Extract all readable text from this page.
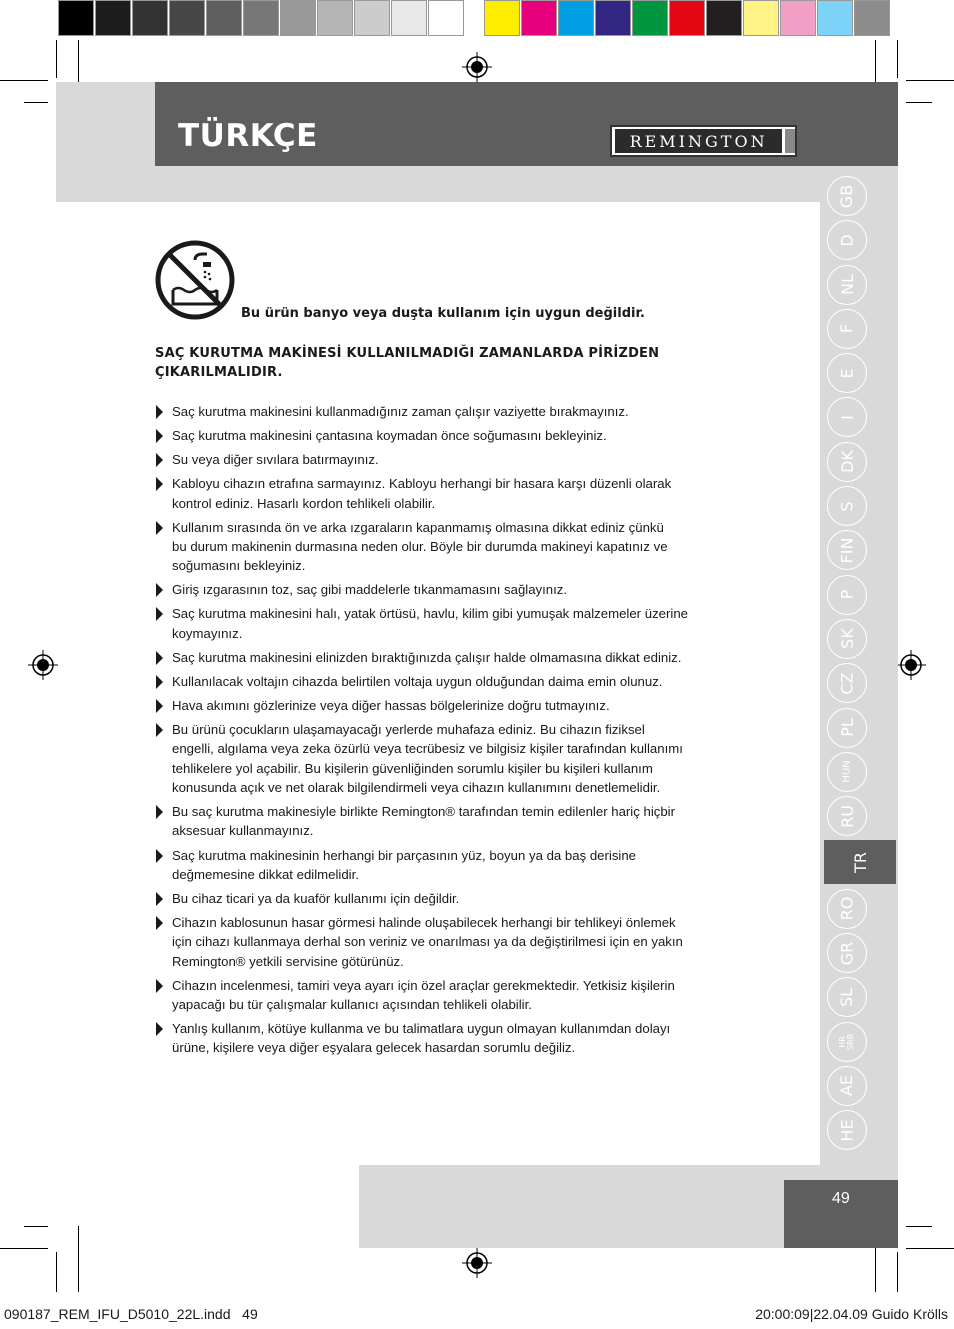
TÜRKÇE	REMINGTON
GB
D
NL
F
E
I
DK
S
FIN
P
SK
CZ
PL
HUN
RU
TR
RO
GR
SL
HR SRB
AE
HE
Bu ürün banyo veya duşta kullanım için uygun değildir.
SAÇ KURUTMA MAKİNESİ KULLANILMADIĞI ZAMANLARDA PİRİZDEN
ÇIKARILMALIDIR.
Saç kurutma makinesini kullanmadığınız zaman çalışır vaziyette bırakmayınız.
Saç kurutma makinesini çantasına koymadan önce soğumasını bekleyiniz.
Su veya diğer sıvılara batırmayınız.
Kabloyu cihazın etrafına sarmayınız. Kabloyu herhangi bir hasara karşı düzenli olarak
kontrol ediniz. Hasarlı kordon tehlikeli olabilir.
Kullanım sırasında ön ve arka ızgaraların kapanmamış olmasına dikkat ediniz çünkü
bu durum makinenin durmasına neden olur. Böyle bir durumda makineyi kapatınız ve
soğumasını bekleyiniz.
Giriş ızgarasının toz, saç gibi maddelerle tıkanmamasını sağlayınız.
Saç kurutma makinesini halı, yatak örtüsü, havlu, kilim gibi yumuşak malzemeler üzerine
koymayınız.
Saç kurutma makinesini elinizden bıraktığınızda çalışır halde olmamasına dikkat ediniz.
Kullanılacak voltajın cihazda belirtilen voltaja uygun olduğundan daima emin olunuz.
Hava akımını gözlerinize veya diğer hassas bölgelerinize doğru tutmayınız.
Bu ürünü çocukların ulaşamayacağı yerlerde muhafaza ediniz. Bu cihazın fiziksel
engelli, algılama veya zeka özürlü veya tecrübesiz ve bilgisiz kişiler tarafından kullanımı
tehlikelere yol açabilir. Bu kişilerin güvenliğinden sorumlu kişiler bu kişileri kullanım
konusunda açık ve net olarak bilgilendirmeli veya cihazın kullanımını denetlemelidir.
Bu saç kurutma makinesiyle birlikte Remington® tarafından temin edilenler hariç hiçbir
aksesuar kullanmayınız.
Saç kurutma makinesinin herhangi bir parçasının yüz, boyun ya da baş derisine
değmemesine dikkat edilmelidir.
Bu cihaz ticari ya da kuaför kullanımı için değildir.
Cihazın kablosunun hasar görmesi halinde oluşabilecek herhangi bir tehlikeyi önlemek
için cihazı kullanmaya derhal son veriniz ve onarılması ya da değiştirilmesi için en yakın
Remington® yetkili servisine götürünüz.
Cihazın incelenmesi, tamiri veya ayarı için özel araçlar gerekmektedir. Yetkisiz kişilerin
yapacağı bu tür çalışmalar kullanıcı açısından tehlikeli olabilir.
Yanlış kullanım, kötüye kullanma ve bu talimatlara uygun olmayan kullanımdan dolayı
ürüne, kişilere veya diğer eşyalara gelecek hasardan sorumlu değiliz.
49
090187_REM_IFU_D5010_22L.indd   49	20:00:09|22.04.09 Guido Krölls
